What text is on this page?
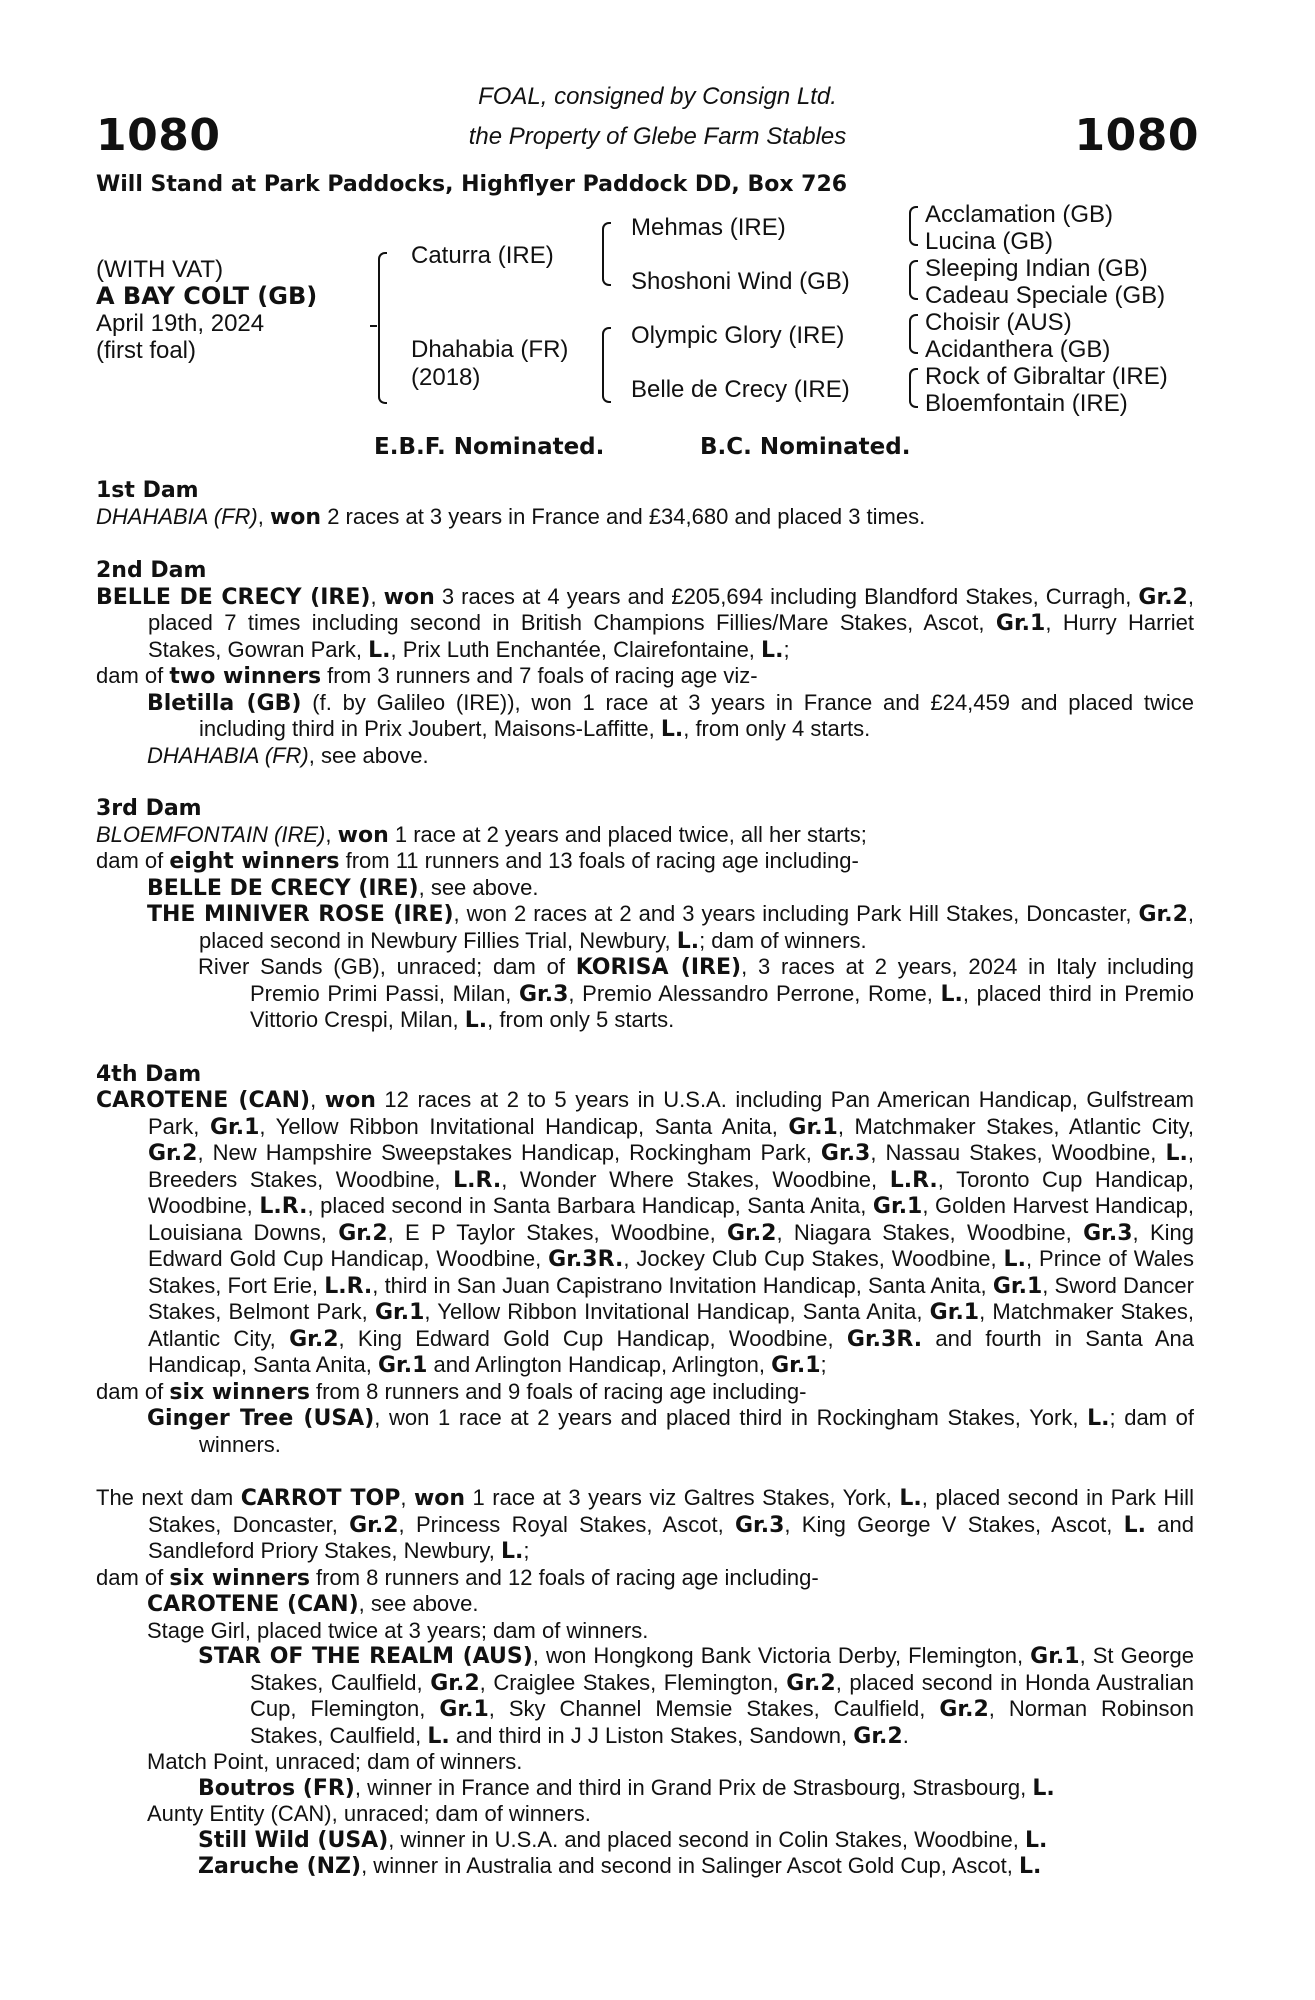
1080	1080
FOAL, consigned by Consign Ltd.
the Property of Glebe Farm Stables
Will Stand at Park Paddocks, Highflyer Paddock DD, Box 726
(WITH VAT)
A BAY COLT (GB)
April 19th, 2024
(first foal)
Caturra (IRE)
Dhahabia (FR)
(2018)
Mehmas (IRE)
Shoshoni Wind (GB)
Olympic Glory (IRE)
Belle de Crecy (IRE)
Acclamation (GB)
Lucina (GB)
Sleeping Indian (GB)
Cadeau Speciale (GB)
Choisir (AUS)
Acidanthera (GB)
Rock of Gibraltar (IRE)
Bloemfontain (IRE)
E.B.F. Nominated.	B.C. Nominated.
1st Dam

DHAHABIA (FR), won 2 races at 3 years in France and £34,680 and placed 3 times.

2nd Dam

BELLE DE CRECY (IRE), won 3 races at 4 years and £205,694 including Blandford Stakes, Curragh, Gr.2, placed 7 times including second in British Champions Fillies/Mare Stakes, Ascot, Gr.1, Hurry Harriet Stakes, Gowran Park, L., Prix Luth Enchantée, Clairefontaine, L.;

dam of two winners from 3 runners and 7 foals of racing age viz-

Bletilla (GB) (f. by Galileo (IRE)), won 1 race at 3 years in France and £24,459 and placed twice including third in Prix Joubert, Maisons-Laffitte, L., from only 4 starts.

DHAHABIA (FR), see above.

3rd Dam

BLOEMFONTAIN (IRE), won 1 race at 2 years and placed twice, all her starts;

dam of eight winners from 11 runners and 13 foals of racing age including-

BELLE DE CRECY (IRE), see above.

THE MINIVER ROSE (IRE), won 2 races at 2 and 3 years including Park Hill Stakes, Doncaster, Gr.2, placed second in Newbury Fillies Trial, Newbury, L.; dam of winners.

River Sands (GB), unraced; dam of KORISA (IRE), 3 races at 2 years, 2024 in Italy including Premio Primi Passi, Milan, Gr.3, Premio Alessandro Perrone, Rome, L., placed third in Premio Vittorio Crespi, Milan, L., from only 5 starts.

4th Dam

CAROTENE (CAN), won 12 races at 2 to 5 years in U.S.A. including Pan American Handicap, Gulfstream Park, Gr.1, Yellow Ribbon Invitational Handicap, Santa Anita, Gr.1, Matchmaker Stakes, Atlantic City, Gr.2, New Hampshire Sweepstakes Handicap, Rockingham Park, Gr.3, Nassau Stakes, Woodbine, L., Breeders Stakes, Woodbine, L.R., Wonder Where Stakes, Woodbine, L.R., Toronto Cup Handicap, Woodbine, L.R., placed second in Santa Barbara Handicap, Santa Anita, Gr.1, Golden Harvest Handicap, Louisiana Downs, Gr.2, E P Taylor Stakes, Woodbine, Gr.2, Niagara Stakes, Woodbine, Gr.3, King Edward Gold Cup Handicap, Woodbine, Gr.3R., Jockey Club Cup Stakes, Woodbine, L., Prince of Wales Stakes, Fort Erie, L.R., third in San Juan Capistrano Invitation Handicap, Santa Anita, Gr.1, Sword Dancer Stakes, Belmont Park, Gr.1, Yellow Ribbon Invitational Handicap, Santa Anita, Gr.1, Matchmaker Stakes, Atlantic City, Gr.2, King Edward Gold Cup Handicap, Woodbine, Gr.3R. and fourth in Santa Ana Handicap, Santa Anita, Gr.1 and Arlington Handicap, Arlington, Gr.1;

dam of six winners from 8 runners and 9 foals of racing age including-

Ginger Tree (USA), won 1 race at 2 years and placed third in Rockingham Stakes, York, L.; dam of winners.

The next dam CARROT TOP, won 1 race at 3 years viz Galtres Stakes, York, L., placed second in Park Hill Stakes, Doncaster, Gr.2, Princess Royal Stakes, Ascot, Gr.3, King George V Stakes, Ascot, L. and Sandleford Priory Stakes, Newbury, L.;

dam of six winners from 8 runners and 12 foals of racing age including-

CAROTENE (CAN), see above.

Stage Girl, placed twice at 3 years; dam of winners.

STAR OF THE REALM (AUS), won Hongkong Bank Victoria Derby, Flemington, Gr.1, St George Stakes, Caulfield, Gr.2, Craiglee Stakes, Flemington, Gr.2, placed second in Honda Australian Cup, Flemington, Gr.1, Sky Channel Memsie Stakes, Caulfield, Gr.2, Norman Robinson Stakes, Caulfield, L. and third in J J Liston Stakes, Sandown, Gr.2.

Match Point, unraced; dam of winners.

Boutros (FR), winner in France and third in Grand Prix de Strasbourg, Strasbourg, L.

Aunty Entity (CAN), unraced; dam of winners.

Still Wild (USA), winner in U.S.A. and placed second in Colin Stakes, Woodbine, L.

Zaruche (NZ), winner in Australia and second in Salinger Ascot Gold Cup, Ascot, L.
